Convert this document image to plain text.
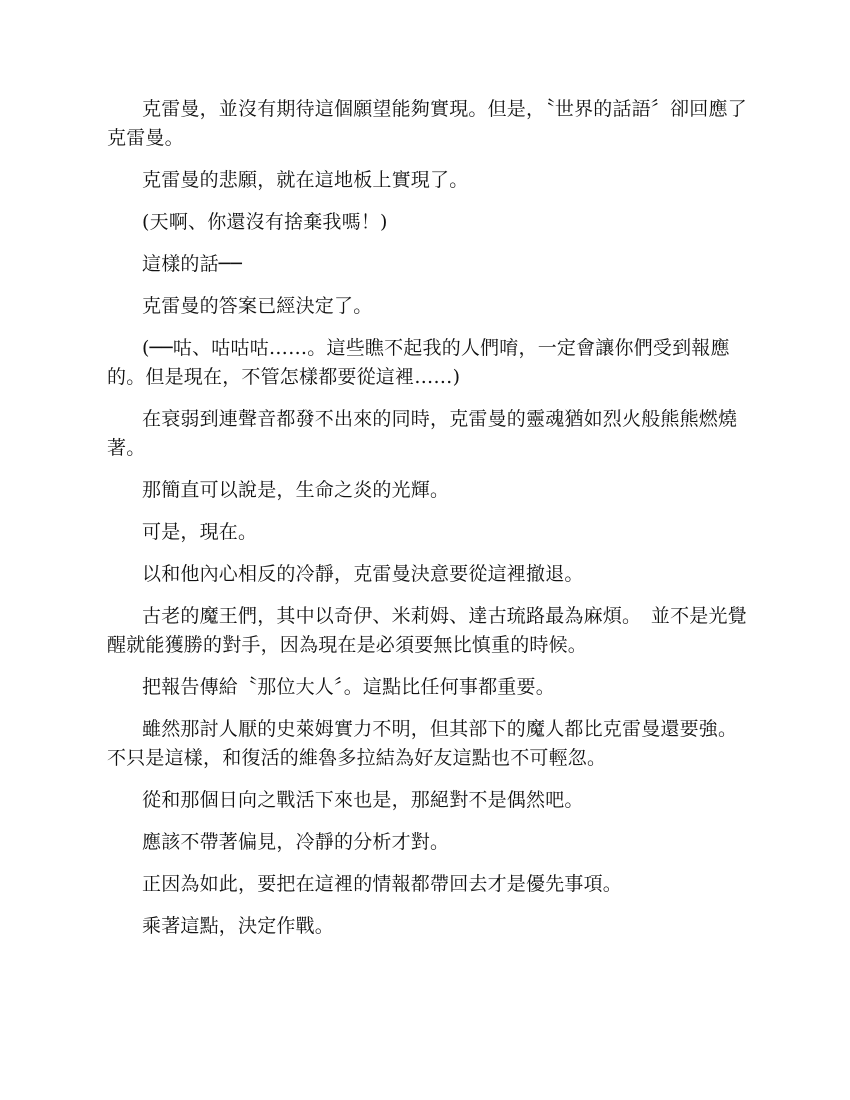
克雷曼，並沒有期待這個願望能夠實現。但是，〝世界的話語〞卻回應了克雷曼。

克雷曼的悲願，就在這地板上實現了。

(天啊、你還沒有捨棄我嗎！)

這樣的話──

克雷曼的答案已經決定了。

(──咕、咕咕咕……。這些瞧不起我的人們唷，一定會讓你們受到報應的。但是現在，不管怎樣都要從這裡……)

在衰弱到連聲音都發不出來的同時，克雷曼的靈魂猶如烈火般熊熊燃燒著。

那簡直可以說是，生命之炎的光輝。

可是，現在。

以和他內心相反的冷靜，克雷曼決意要從這裡撤退。

古老的魔王們，其中以奇伊、米莉姆、達古琉路最為麻煩。　並不是光覺醒就能獲勝的對手，因為現在是必須要無比慎重的時候。

把報告傳給〝那位大人〞。這點比任何事都重要。

雖然那討人厭的史萊姆實力不明，但其部下的魔人都比克雷曼還要強。不只是這樣，和復活的維魯多拉結為好友這點也不可輕忽。

從和那個日向之戰活下來也是，那絕對不是偶然吧。

應該不帶著偏見，冷靜的分析才對。

正因為如此，要把在這裡的情報都帶回去才是優先事項。

乘著這點，決定作戰。
